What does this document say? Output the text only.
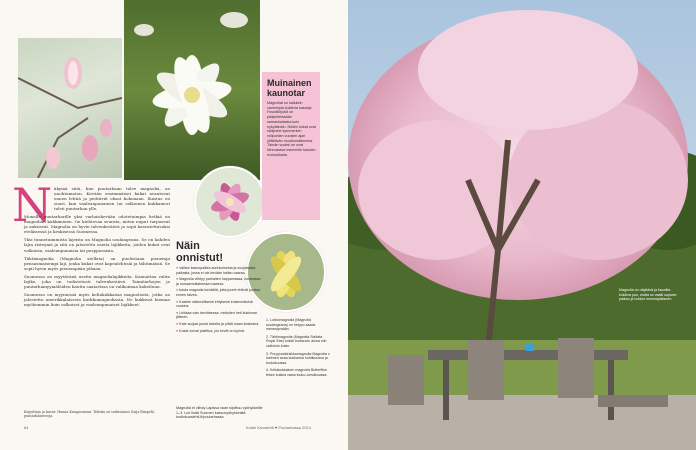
Muinainen kaunotar
Magnoliat on kaikkein vanhimpia kukkivia kasveja. Fossiililöydöt on pääpiirteissään samankaltaisia kuin nykyäänkin. Niiden kukat ovat säilyneet kymmenien miljoonien vuosien ajan yllättävän muuttumattomina. Tämän vuoksi ne ovat kiinnostava esimerkki kasvien evoluutiosta.
N äkymä siitä, kun puutarhaan tulee magnolia, on unohtumaton. Kevään ensimmäiset kukat avautuvat ennen lehtiä ja peittävät oksat kokonaan. Ihastus on suuri, kun vaaleanpunainen tai valkoinen kukkameri tulvii puutarhan ylle.

Monelle puutarharille yksi varhaiskevään odotetuimpia hetkiä on magnolian kukkiminen. On kiehtovaa seurata, miten nuput turpoavat ja aukeavat. Magnolia on hyvin talvenkestävä ja sopii kasvatettavaksi eteläisessä ja keskisessä Suomessa.

Yksi tunnetuimmista lajeista on Magnolia soulangeana. Se on kahden lajin risteymä ja sitä on jalostettu useita lajikkeita, joiden kukat ovat valkoisia, vaaleanpunaisia tai purppuraisia.

Tähtimagnolia (Magnolia stellata) on puolestaan pienempi pensasmaisempi laji, jonka kukat ovat kapealehtisiä ja tähtimäisiä. Se sopii hyvin myös pienempään pihaan.

Suomessa on myytävänä useita magnolialajikkeita. Kannattaa valita lajike, joka on todistetusti talvenkestävä. Taimitarhojen ja puutarhamyymälöiden kautta saatavissa on valikoimaa kokeiluun.

Suomessa on myynnissä myös keltakukkaisia magnolioita, jotka on jalostettu amerikkalaisesta kurkkumagnoliasta. Ne kukkivat hieman myöhemmin kuin valkoiset ja vaaleanpunaiset lajikkeet.

Kirjoittaja ja kuvat: Hanna Kangasniemi. Tekstin on tarkistanut Saija Rimpelä, puutarhaneuvoja.
Näin onnistut!
● Valitse kasvupaikka aurinkoisesta ja suojaisasta paikasta, jossa ei ole kevään hallan vaaraa.
● Magnolia viihtyy parhaiten happamassa, kosteassa ja runsasmultaisessa maassa.
● Istuta magnolia keväällä, jotta juuret ehtivät juurtua ennen talvea.
● Kastele säännöllisesti erityisesti ensimmäisinä vuosina.
● Leikkaa vain tarvittaessa, mieluiten heti kukinnan jälkeen.
● Kate suojaa juuria talvella ja pitää maan kosteana.
● Kukat voivat paleltua, jos kevät on kylmä.
Magnolia ei viihdy Lapissa vaan sijoittuu vyöhykkeille 1–3. Lue lisää Suomen kasvuvyöhykkeistä kodinkuvalehti.fi/puutarhassa
1. Loistomagnolia (Magnolia soulangeana) on helppo saada menestymään.
2. Tähtimagnolia (Magnolia Stellata Royal Star) kukkii tuoksuvin aluna niin valkoisin kukin.
3. Purppurakirsikkamagnolia Magnolia x loebneri avaa kukkansa huhtikuussa ja toukokuussa.
4. Keltakukkainen magnolia Butterflies tekee kukkia vasta touko–kesäkuussa.
64	Kodin Kuvalehti ♥ Puutarhassa 2014
Magnolia on näyttävä ja kauniita kukkiva puu, mutta se vaatii sopivan paikan ja hoidon menestyäkseen.
